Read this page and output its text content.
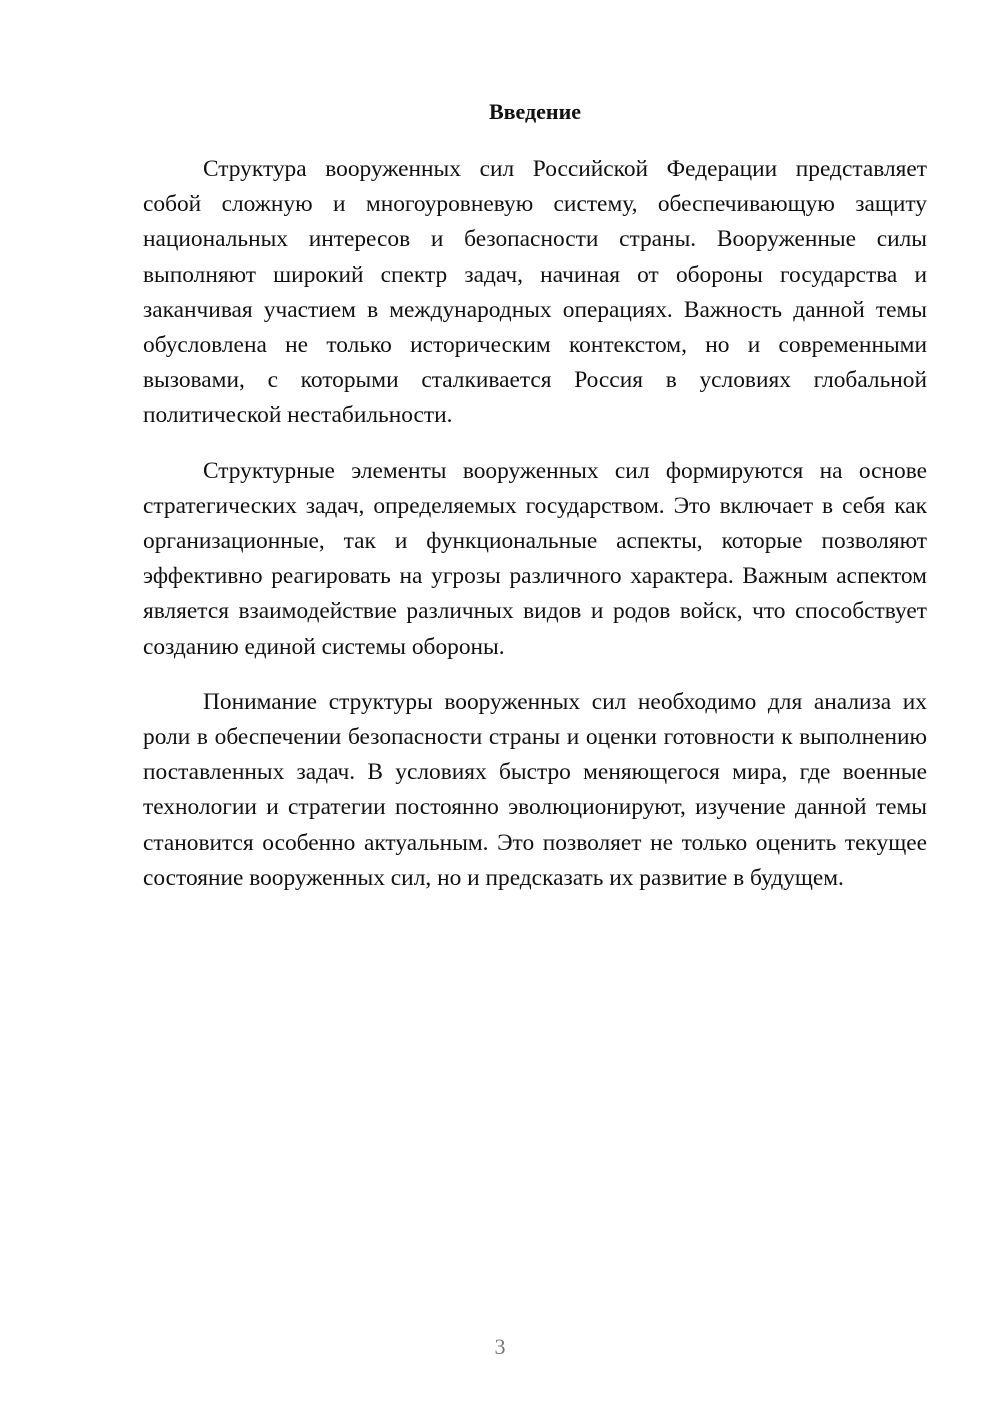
Введение

Структура вооруженных сил Российской Федерации представляет собой сложную и многоуровневую систему, обеспечивающую защиту национальных интересов и безопасности страны. Вооруженные силы выполняют широкий спектр задач, начиная от обороны государства и заканчивая участием в международных операциях. Важность данной темы обусловлена не только историческим контекстом, но и современными вызовами, с которыми сталкивается Россия в условиях глобальной политической нестабильности.

Структурные элементы вооруженных сил формируются на основе стратегических задач, определяемых государством. Это включает в себя как организационные, так и функциональные аспекты, которые позволяют эффективно реагировать на угрозы различного характера. Важным аспектом является взаимодействие различных видов и родов войск, что способствует созданию единой системы обороны.

Понимание структуры вооруженных сил необходимо для анализа их роли в обеспечении безопасности страны и оценки готовности к выполнению поставленных задач. В условиях быстро меняющегося мира, где военные технологии и стратегии постоянно эволюционируют, изучение данной темы становится особенно актуальным. Это позволяет не только оценить текущее состояние вооруженных сил, но и предсказать их развитие в будущем.

3
